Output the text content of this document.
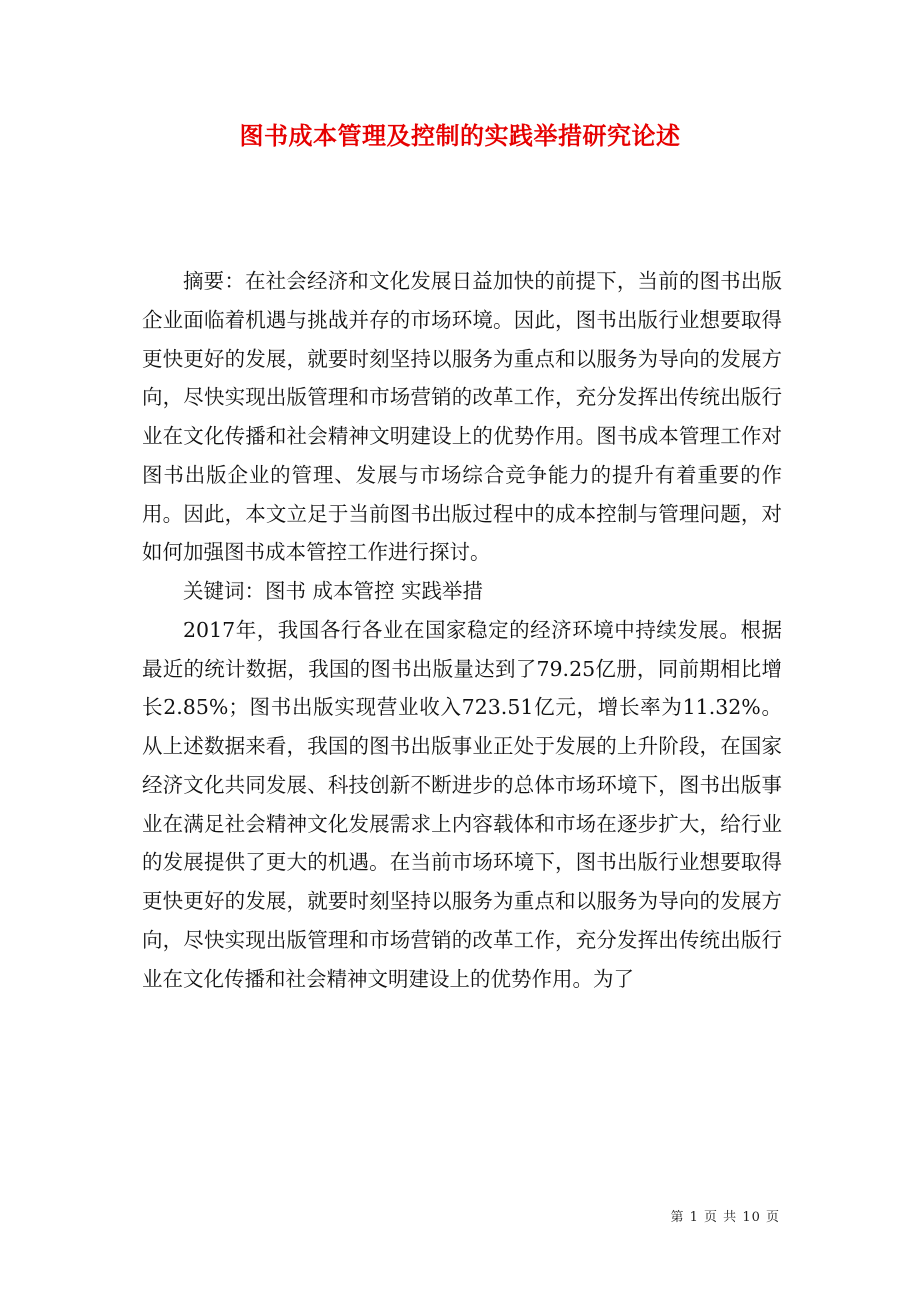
图书成本管理及控制的实践举措研究论述

摘要：在社会经济和文化发展日益加快的前提下，当前的图书出版企业面临着机遇与挑战并存的市场环境。因此，图书出版行业想要取得更快更好的发展，就要时刻坚持以服务为重点和以服务为导向的发展方向，尽快实现出版管理和市场营销的改革工作，充分发挥出传统出版行业在文化传播和社会精神文明建设上的优势作用。图书成本管理工作对图书出版企业的管理、发展与市场综合竞争能力的提升有着重要的作用。因此，本文立足于当前图书出版过程中的成本控制与管理问题，对如何加强图书成本管控工作进行探讨。

关键词：图书 成本管控 实践举措

2017年，我国各行各业在国家稳定的经济环境中持续发展。根据最近的统计数据，我国的图书出版量达到了79.25亿册，同前期相比增长2.85%；图书出版实现营业收入723.51亿元，增长率为11.32%。从上述数据来看，我国的图书出版事业正处于发展的上升阶段，在国家经济文化共同发展、科技创新不断进步的总体市场环境下，图书出版事业在满足社会精神文化发展需求上内容载体和市场在逐步扩大，给行业的发展提供了更大的机遇。在当前市场环境下，图书出版行业想要取得更快更好的发展，就要时刻坚持以服务为重点和以服务为导向的发展方向，尽快实现出版管理和市场营销的改革工作，充分发挥出传统出版行业在文化传播和社会精神文明建设上的优势作用。为了

第 1 页 共 10 页
